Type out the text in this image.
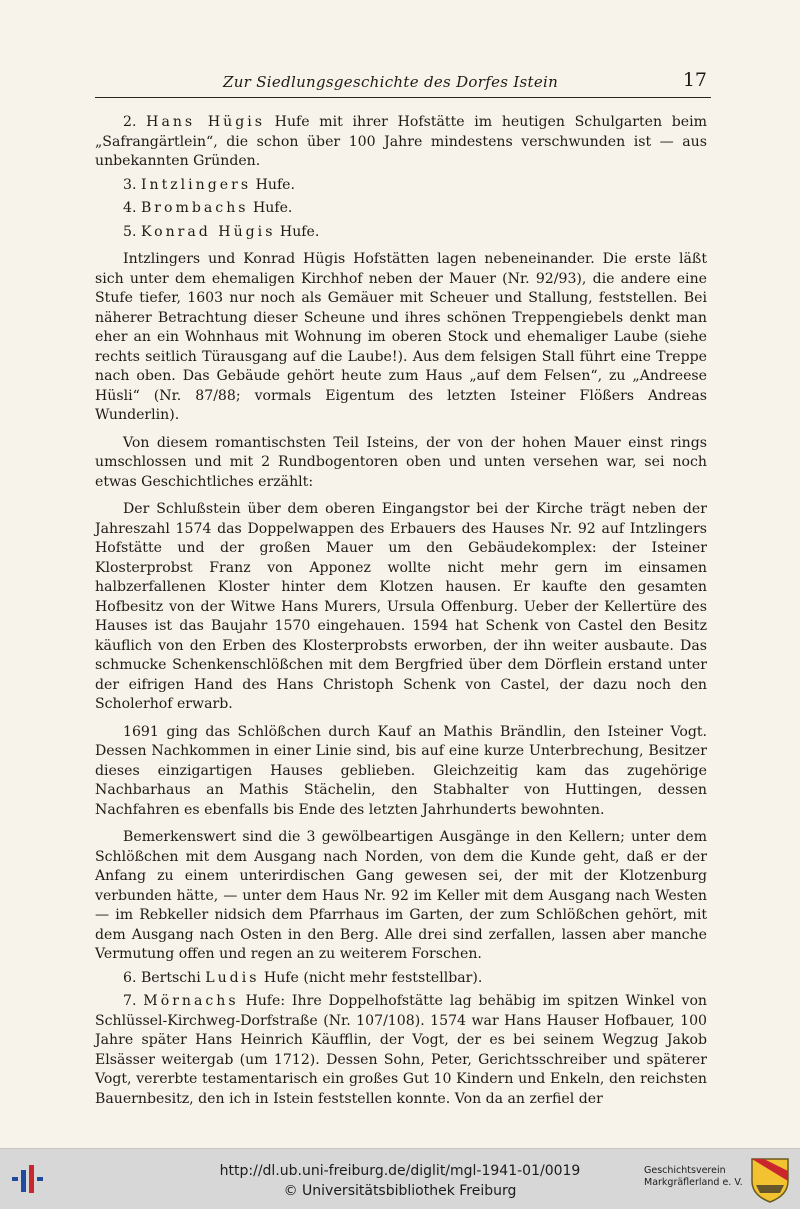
Zur Siedlungsgeschichte des Dorfes Istein	17

2. Hans Hügis Hufe mit ihrer Hofstätte im heutigen Schulgarten beim „Safrangärtlein“, die schon über 100 Jahre mindestens verschwunden ist — aus unbekannten Gründen.

3. Intzlingers Hufe.

4. Brombachs Hufe.

5. Konrad Hügis Hufe.

Intzlingers und Konrad Hügis Hofstätten lagen nebeneinander. Die erste läßt sich unter dem ehemaligen Kirchhof neben der Mauer (Nr. 92/93), die andere eine Stufe tiefer, 1603 nur noch als Gemäuer mit Scheuer und Stallung, feststellen. Bei näherer Betrachtung dieser Scheune und ihres schönen Treppengiebels denkt man eher an ein Wohnhaus mit Wohnung im oberen Stock und ehemaliger Laube (siehe rechts seitlich Türausgang auf die Laube!). Aus dem felsigen Stall führt eine Treppe nach oben. Das Gebäude gehört heute zum Haus „auf dem Felsen“, zu „Andreese Hüsli“ (Nr. 87/88; vormals Eigentum des letzten Isteiner Flößers Andreas Wunderlin).

Von diesem romantischsten Teil Isteins, der von der hohen Mauer einst rings umschlossen und mit 2 Rundbogentoren oben und unten versehen war, sei noch etwas Geschichtliches erzählt:

Der Schlußstein über dem oberen Eingangstor bei der Kirche trägt neben der Jahreszahl 1574 das Doppelwappen des Erbauers des Hauses Nr. 92 auf Intzlingers Hofstätte und der großen Mauer um den Gebäudekomplex: der Isteiner Klosterprobst Franz von Apponez wollte nicht mehr gern im einsamen halbzerfallenen Kloster hinter dem Klotzen hausen. Er kaufte den gesamten Hofbesitz von der Witwe Hans Murers, Ursula Offenburg. Ueber der Kellertüre des Hauses ist das Baujahr 1570 eingehauen. 1594 hat Schenk von Castel den Besitz käuflich von den Erben des Klosterprobsts erworben, der ihn weiter ausbaute. Das schmucke Schenkenschlößchen mit dem Bergfried über dem Dörflein erstand unter der eifrigen Hand des Hans Christoph Schenk von Castel, der dazu noch den Scholerhof erwarb.

1691 ging das Schlößchen durch Kauf an Mathis Brändlin, den Isteiner Vogt. Dessen Nachkommen in einer Linie sind, bis auf eine kurze Unterbrechung, Besitzer dieses einzigartigen Hauses geblieben. Gleichzeitig kam das zugehörige Nachbarhaus an Mathis Stächelin, den Stabhalter von Huttingen, dessen Nachfahren es ebenfalls bis Ende des letzten Jahrhunderts bewohnten.

Bemerkenswert sind die 3 gewölbeartigen Ausgänge in den Kellern; unter dem Schlößchen mit dem Ausgang nach Norden, von dem die Kunde geht, daß er der Anfang zu einem unterirdischen Gang gewesen sei, der mit der Klotzenburg verbunden hätte, — unter dem Haus Nr. 92 im Keller mit dem Ausgang nach Westen — im Rebkeller nidsich dem Pfarrhaus im Garten, der zum Schlößchen gehört, mit dem Ausgang nach Osten in den Berg. Alle drei sind zerfallen, lassen aber manche Vermutung offen und regen an zu weiterem Forschen.

6. Bertschi Ludis Hufe (nicht mehr feststellbar).

7. Mörnachs Hufe: Ihre Doppelhofstätte lag behäbig im spitzen Winkel von Schlüssel-Kirchweg-Dorfstraße (Nr. 107/108). 1574 war Hans Hauser Hofbauer, 100 Jahre später Hans Heinrich Käufflin, der Vogt, der es bei seinem Wegzug Jakob Elsässer weitergab (um 1712). Dessen Sohn, Peter, Gerichtsschreiber und späterer Vogt, vererbte testamentarisch ein großes Gut 10 Kindern und Enkeln, den reichsten Bauernbesitz, den ich in Istein feststellen konnte. Von da an zerfiel der

http://dl.ub.uni-freiburg.de/diglit/mgl-1941-01/0019
© Universitätsbibliothek Freiburg
Geschichtsverein
Markgräflerland e. V.
